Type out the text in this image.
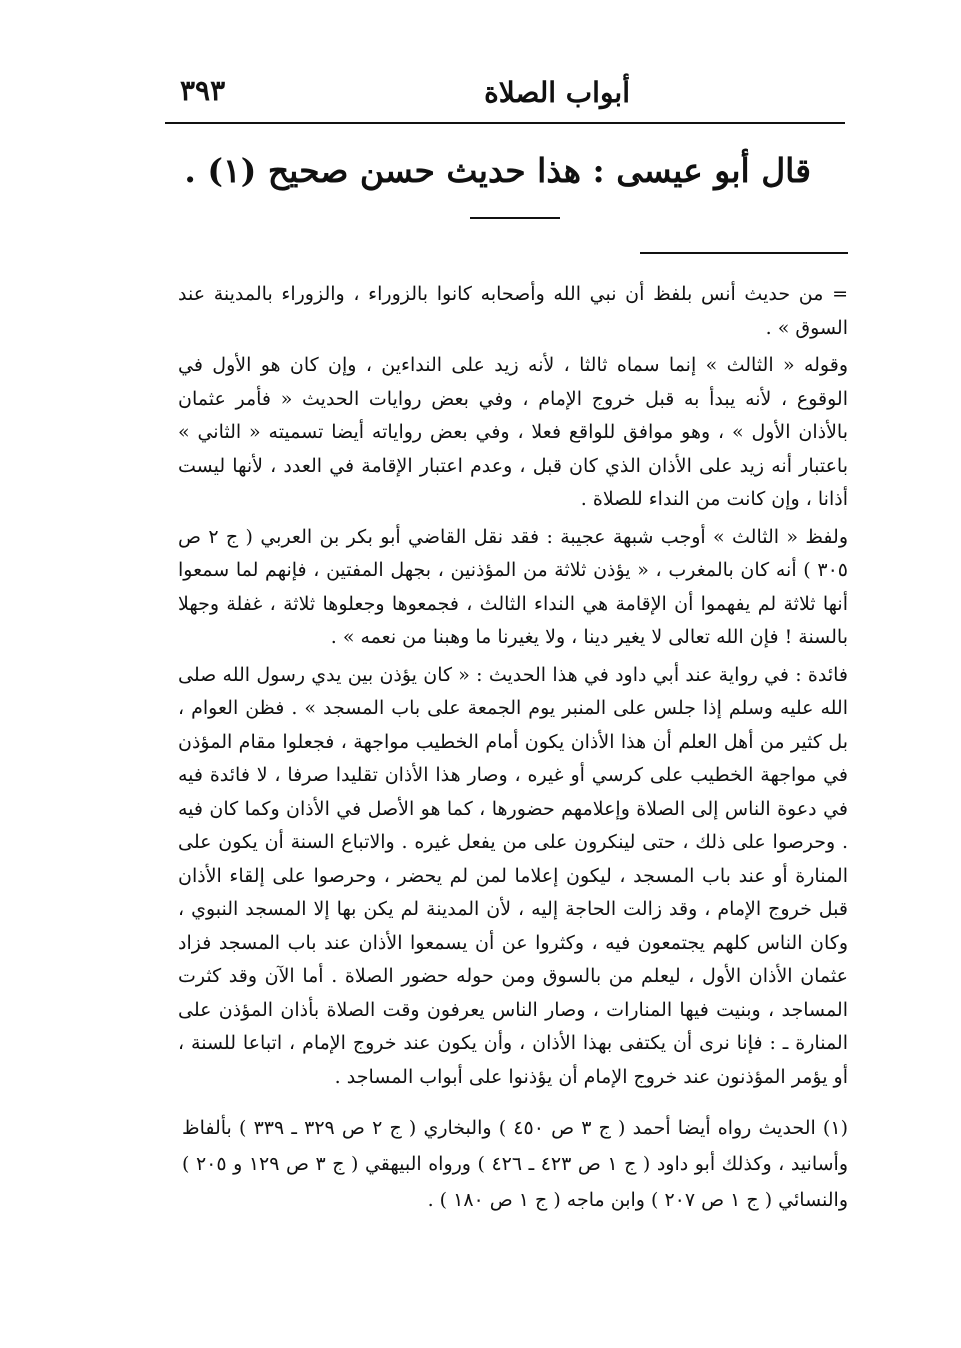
أبواب الصلاة
٣٩٣
قال أبو عيسى : هذا حديث حسن صحيح (١) .

= من حديث أنس بلفظ أن نبي الله وأصحابه كانوا بالزوراء ، والزوراء بالمدينة عند السوق » .

وقوله « الثالث » إنما سماه ثالثا ، لأنه زيد على النداءين ، وإن كان هو الأول في الوقوع ، لأنه يبدأ به قبل خروج الإمام ، وفي بعض روايات الحديث « فأمر عثمان بالأذان الأول » ، وهو موافق للواقع فعلا ، وفي بعض رواياته أيضا تسميته « الثاني » باعتبار أنه زيد على الأذان الذي كان قبل ، وعدم اعتبار الإقامة في العدد ، لأنها ليست أذانا ، وإن كانت من النداء للصلاة .

ولفظ « الثالث » أوجب شبهة عجيبة : فقد نقل القاضي أبو بكر بن العربي ( ج ٢ ص ٣٠٥ ) أنه كان بالمغرب ، « يؤذن ثلاثة من المؤذنين ، بجهل المفتين ، فإنهم لما سمعوا أنها ثلاثة لم يفهموا أن الإقامة هي النداء الثالث ، فجمعوها وجعلوها ثلاثة ، غفلة وجهلا بالسنة ! فإن الله تعالى لا يغير دينا ، ولا يغيرنا ما وهبنا من نعمه » .

فائدة : في رواية عند أبي داود في هذا الحديث : « كان يؤذن بين يدي رسول الله صلى الله عليه وسلم إذا جلس على المنبر يوم الجمعة على باب المسجد » . فظن العوام ، بل كثير من أهل العلم أن هذا الأذان يكون أمام الخطيب مواجهة ، فجعلوا مقام المؤذن في مواجهة الخطيب على كرسي أو غيره ، وصار هذا الأذان تقليدا صرفا ، لا فائدة فيه في دعوة الناس إلى الصلاة وإعلامهم حضورها ، كما هو الأصل في الأذان وكما كان فيه . وحرصوا على ذلك ، حتى لينكرون على من يفعل غيره . والاتباع السنة أن يكون على المنارة أو عند باب المسجد ، ليكون إعلاما لمن لم يحضر ، وحرصوا على إلقاء الأذان قبل خروج الإمام ، وقد زالت الحاجة إليه ، لأن المدينة لم يكن بها إلا المسجد النبوي ، وكان الناس كلهم يجتمعون فيه ، وكثروا عن أن يسمعوا الأذان عند باب المسجد فزاد عثمان الأذان الأول ، ليعلم من بالسوق ومن حوله حضور الصلاة . أما الآن وقد كثرت المساجد ، وبنيت فيها المنارات ، وصار الناس يعرفون وقت الصلاة بأذان المؤذن على المنارة ـ : فإنا نرى أن يكتفى بهذا الأذان ، وأن يكون عند خروج الإمام ، اتباعا للسنة ، أو يؤمر المؤذنون عند خروج الإمام أن يؤذنوا على أبواب المساجد .

(١) الحديث رواه أيضا أحمد ( ج ٣ ص ٤٥٠ ) والبخاري ( ج ٢ ص ٣٢٩ ـ ٣٣٩ ) بألفاظ وأسانيد ، وكذلك أبو داود ( ج ١ ص ٤٢٣ ـ ٤٢٦ ) ورواه البيهقي ( ج ٣ ص ١٢٩ و ٢٠٥ ) والنسائي ( ج ١ ص ٢٠٧ ) وابن ماجه ( ج ١ ص ١٨٠ ) .
